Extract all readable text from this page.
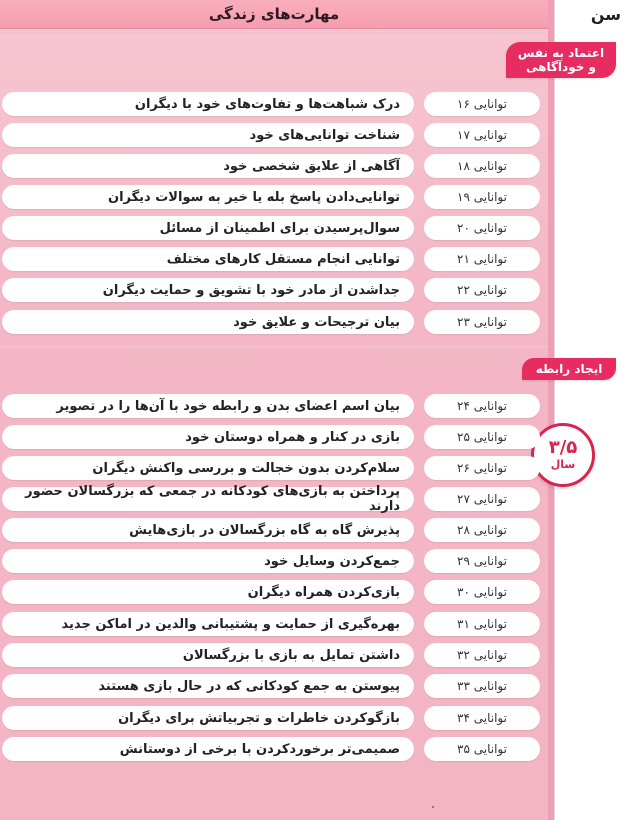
مهارت‌های زندگی	سن
۳/۵
سال
اعتماد به نفس
و خودآگاهی
توانایی ۱۶
درک شباهت‌ها و تفاوت‌های خود با دیگران
توانایی ۱۷
شناخت توانایی‌های خود
توانایی ۱۸
آگاهی از علایق شخصی خود
توانایی ۱۹
توانایی‌دادن پاسخ بله یا خیر به سوالات دیگران
توانایی ۲۰
سوال‌پرسیدن برای اطمینان از مسائل
توانایی ۲۱
توانایی انجام مستقل کارهای مختلف
توانایی ۲۲
جداشدن از مادر خود با تشویق و حمایت دیگران
توانایی ۲۳
بیان ترجیحات و علایق خود
ایجاد رابطه
توانایی ۲۴
بیان اسم اعضای بدن و رابطه خود با آن‌ها را در تصویر
توانایی ۲۵
بازی در کنار و همراه دوستان خود
توانایی ۲۶
سلام‌کردن بدون خجالت و بررسی واکنش دیگران
توانایی ۲۷
پرداختن به بازی‌های کودکانه در جمعی که بزرگسالان حضور دارند
توانایی ۲۸
پذیرش گاه به گاه بزرگسالان در بازی‌هایش
توانایی ۲۹
جمع‌کردن وسایل خود
توانایی ۳۰
بازی‌کردن همراه دیگران
توانایی ۳۱
بهره‌گیری از حمایت و پشتیبانی والدین در اماکن جدید
توانایی ۳۲
داشتن تمایل به بازی با بزرگسالان
توانایی ۳۳
پیوستن به جمع کودکانی که در حال بازی هستند
توانایی ۳۴
بازگوکردن خاطرات و تجربیاتش برای دیگران
توانایی ۳۵
صمیمی‌تر برخوردکردن با برخی از دوستانش
